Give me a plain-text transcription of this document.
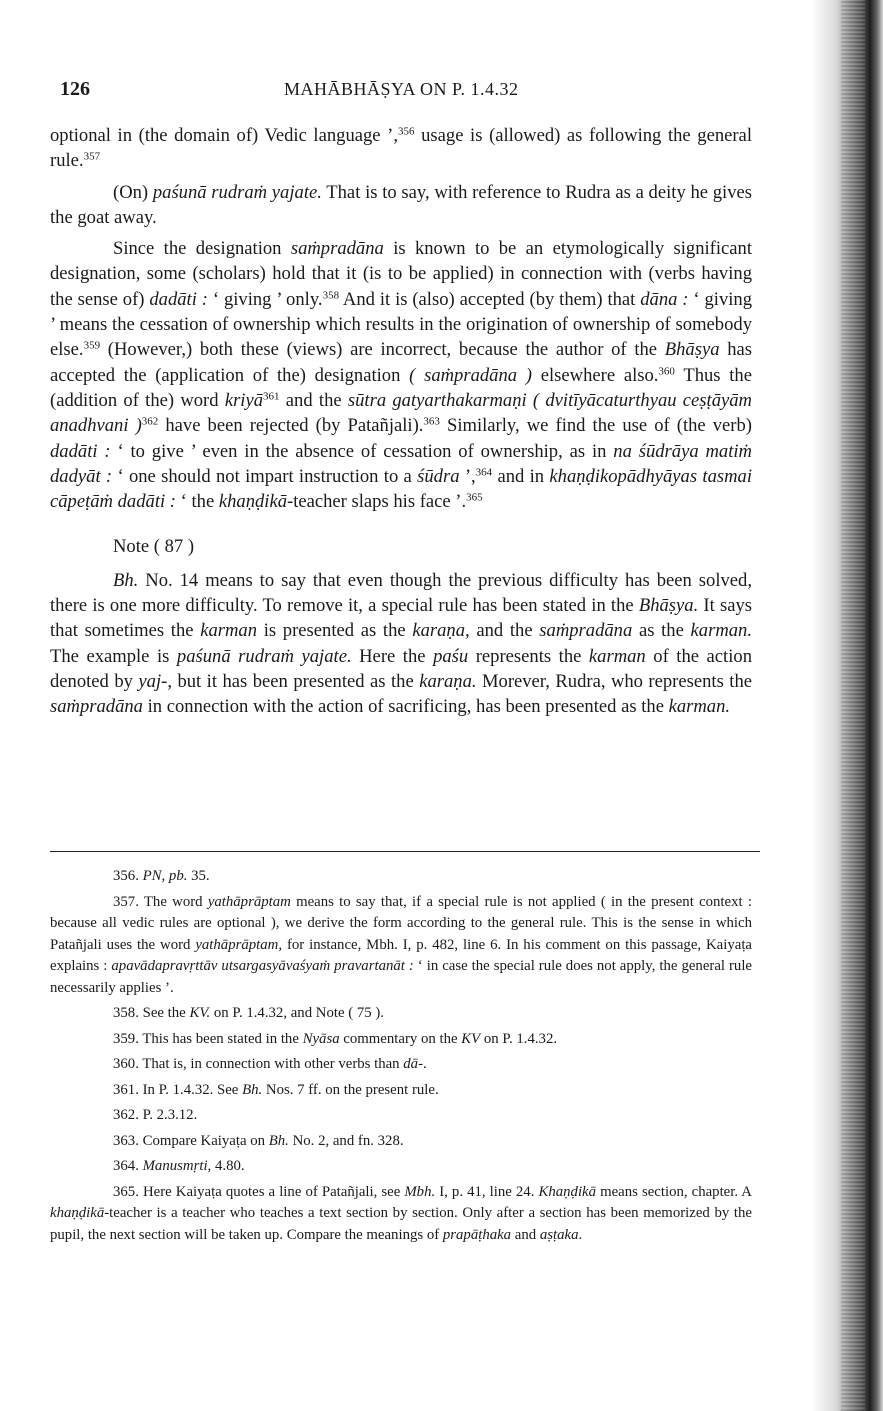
126	MAHĀBHĀṢYA ON P. 1.4.32

optional in (the domain of) Vedic language ’,$^{356}$ usage is (allowed) as following the general rule.$^{357}$

(On) paśunā rudraṁ yajate. That is to say, with reference to Rudra as a deity he gives the goat away.

Since the designation saṁpradāna is known to be an etymologically significant designation, some (scholars) hold that it (is to be applied) in connection with (verbs having the sense of) dadāti : ‘ giving ’ only.$^{358}$ And it is (also) accepted (by them) that dāna : ‘ giving ’ means the cessation of ownership which results in the origination of ownership of somebody else.$^{359}$ (However,) both these (views) are incorrect, because the author of the Bhāṣya has accepted the (application of the) designation ( saṁpradāna ) elsewhere also.$^{360}$ Thus the (addition of the) word kriyā$^{361}$ and the sūtra gatyarthakarmaṇi ( dvitīyācaturthyau ceṣṭāyām anadhvani )$^{362}$ have been rejected (by Patañjali).$^{363}$ Similarly, we find the use of (the verb) dadāti : ‘ to give ’ even in the absence of cessation of ownership, as in na śūdrāya matiṁ dadyāt : ‘ one should not impart instruction to a śūdra ’,$^{364}$ and in khaṇḍikopādhyāyas tasmai cāpeṭāṁ dadāti : ‘ the khaṇḍikā-teacher slaps his face ’.$^{365}$

Note ( 87 )

Bh. No. 14 means to say that even though the previous difficulty has been solved, there is one more difficulty. To remove it, a special rule has been stated in the Bhāṣya. It says that sometimes the karman is presented as the karaṇa, and the saṁpradāna as the karman. The example is paśunā rudraṁ yajate. Here the paśu represents the karman of the action denoted by yaj-, but it has been presented as the karaṇa. Morever, Rudra, who represents the saṁpradāna in connection with the action of sacrificing, has been presented as the karman.

356. PN, pb. 35.

357. The word yathāprāptam means to say that, if a special rule is not applied ( in the present context : because all vedic rules are optional ), we derive the form according to the general rule. This is the sense in which Patañjali uses the word yathāprāptam, for instance, Mbh. I, p. 482, line 6. In his comment on this passage, Kaiyaṭa explains : apavādapravṛttāv utsargasyāvaśyaṁ pravartanāt : ‘ in case the special rule does not apply, the general rule necessarily applies ’.

358. See the KV. on P. 1.4.32, and Note ( 75 ).

359. This has been stated in the Nyāsa commentary on the KV on P. 1.4.32.

360. That is, in connection with other verbs than dā-.

361. In P. 1.4.32. See Bh. Nos. 7 ff. on the present rule.

362. P. 2.3.12.

363. Compare Kaiyaṭa on Bh. No. 2, and fn. 328.

364. Manusmṛti, 4.80.

365. Here Kaiyaṭa quotes a line of Patañjali, see Mbh. I, p. 41, line 24. Khaṇḍikā means section, chapter. A khaṇḍikā-teacher is a teacher who teaches a text section by section. Only after a section has been memorized by the pupil, the next section will be taken up. Compare the meanings of prapāṭhaka and aṣṭaka.
